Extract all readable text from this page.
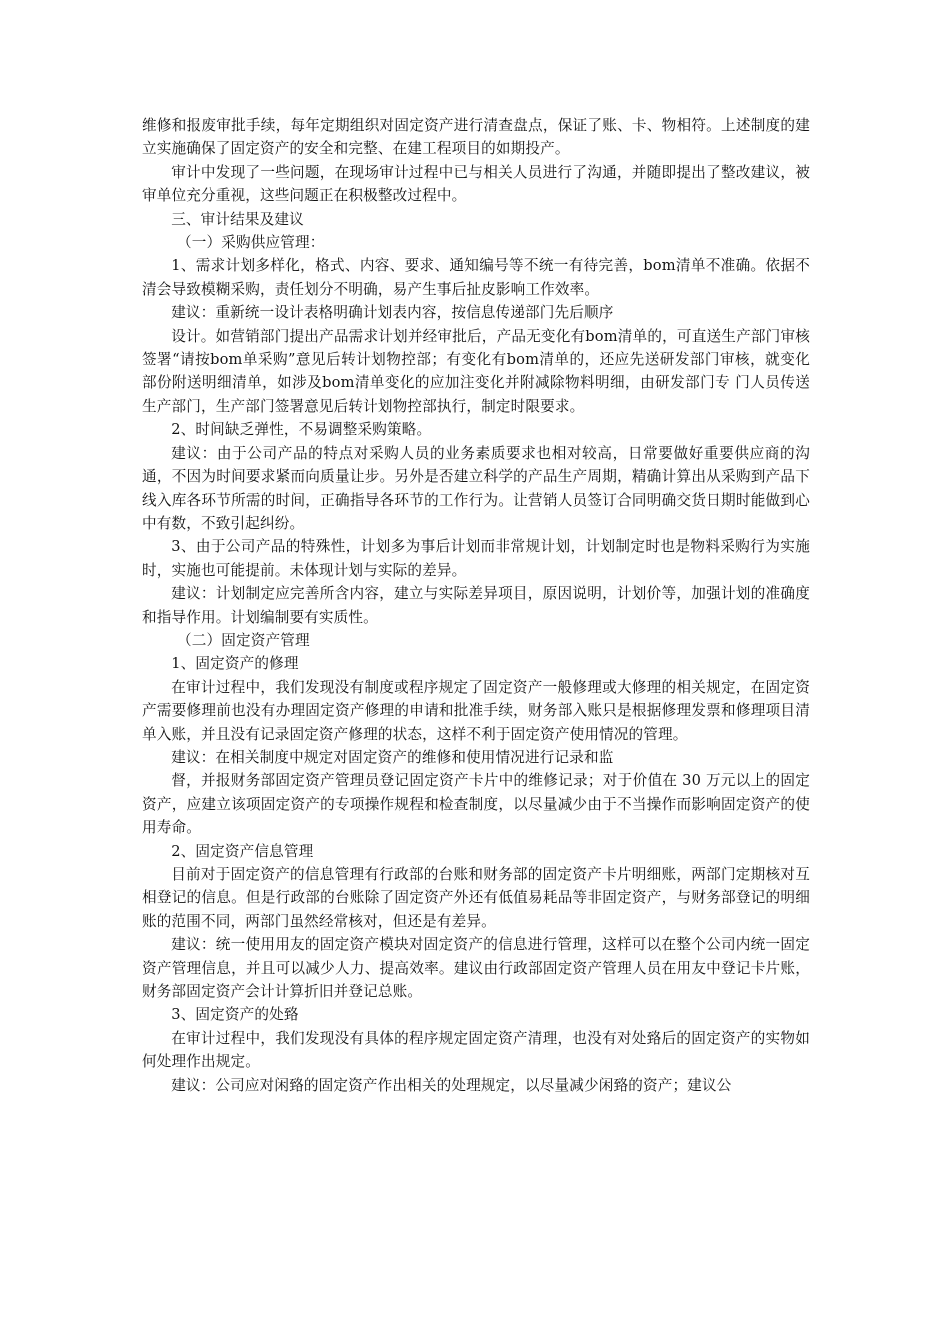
维修和报废审批手续，每年定期组织对固定资产进行清查盘点，保证了账、卡、物相符。上述制度的建立实施确保了固定资产的安全和完整、在建工程项目的如期投产。

审计中发现了一些问题，在现场审计过程中已与相关人员进行了沟通，并随即提出了整改建议，被审单位充分重视，这些问题正在积极整改过程中。

三、审计结果及建议

（一）采购供应管理：

1、需求计划多样化，格式、内容、要求、通知编号等不统一有待完善，bom清单不准确。依据不清会导致模糊采购，责任划分不明确，易产生事后扯皮影响工作效率。

建议：重新统一设计表格明确计划表内容，按信息传递部门先后顺序

设计。如营销部门提出产品需求计划并经审批后，产品无变化有bom清单的，可直送生产部门审核签署“请按bom单采购”意见后转计划物控部；有变化有bom清单的，还应先送研发部门审核，就变化部份附送明细清单，如涉及bom清单变化的应加注变化并附减除物料明细，由研发部门专 门人员传送生产部门，生产部门签署意见后转计划物控部执行，制定时限要求。

2、时间缺乏弹性，不易调整采购策略。

建议：由于公司产品的特点对采购人员的业务素质要求也相对较高，日常要做好重要供应商的沟通，不因为时间要求紧而向质量让步。另外是否建立科学的产品生产周期，精确计算出从采购到产品下线入库各环节所需的时间，正确指导各环节的工作行为。让营销人员签订合同明确交货日期时能做到心中有数，不致引起纠纷。

3、由于公司产品的特殊性，计划多为事后计划而非常规计划，计划制定时也是物料采购行为实施时，实施也可能提前。未体现计划与实际的差异。

建议：计划制定应完善所含内容，建立与实际差异项目，原因说明，计划价等，加强计划的准确度和指导作用。计划编制要有实质性。

（二）固定资产管理

1、固定资产的修理

在审计过程中，我们发现没有制度或程序规定了固定资产一般修理或大修理的相关规定，在固定资产需要修理前也没有办理固定资产修理的申请和批准手续，财务部入账只是根据修理发票和修理项目清单入账，并且没有记录固定资产修理的状态，这样不利于固定资产使用情况的管理。

建议：在相关制度中规定对固定资产的维修和使用情况进行记录和监

督，并报财务部固定资产管理员登记固定资产卡片中的维修记录；对于价值在 30 万元以上的固定资产，应建立该项固定资产的专项操作规程和检查制度，以尽量减少由于不当操作而影响固定资产的使用寿命。

2、固定资产信息管理

目前对于固定资产的信息管理有行政部的台账和财务部的固定资产卡片明细账，两部门定期核对互相登记的信息。但是行政部的台账除了固定资产外还有低值易耗品等非固定资产，与财务部登记的明细账的范围不同，两部门虽然经常核对，但还是有差异。

建议：统一使用用友的固定资产模块对固定资产的信息进行管理，这样可以在整个公司内统一固定资产管理信息，并且可以减少人力、提高效率。建议由行政部固定资产管理人员在用友中登记卡片账，财务部固定资产会计计算折旧并登记总账。

3、固定资产的处臵

在审计过程中，我们发现没有具体的程序规定固定资产清理，也没有对处臵后的固定资产的实物如何处理作出规定。

建议：公司应对闲臵的固定资产作出相关的处理规定，以尽量减少闲臵的资产；建议公
